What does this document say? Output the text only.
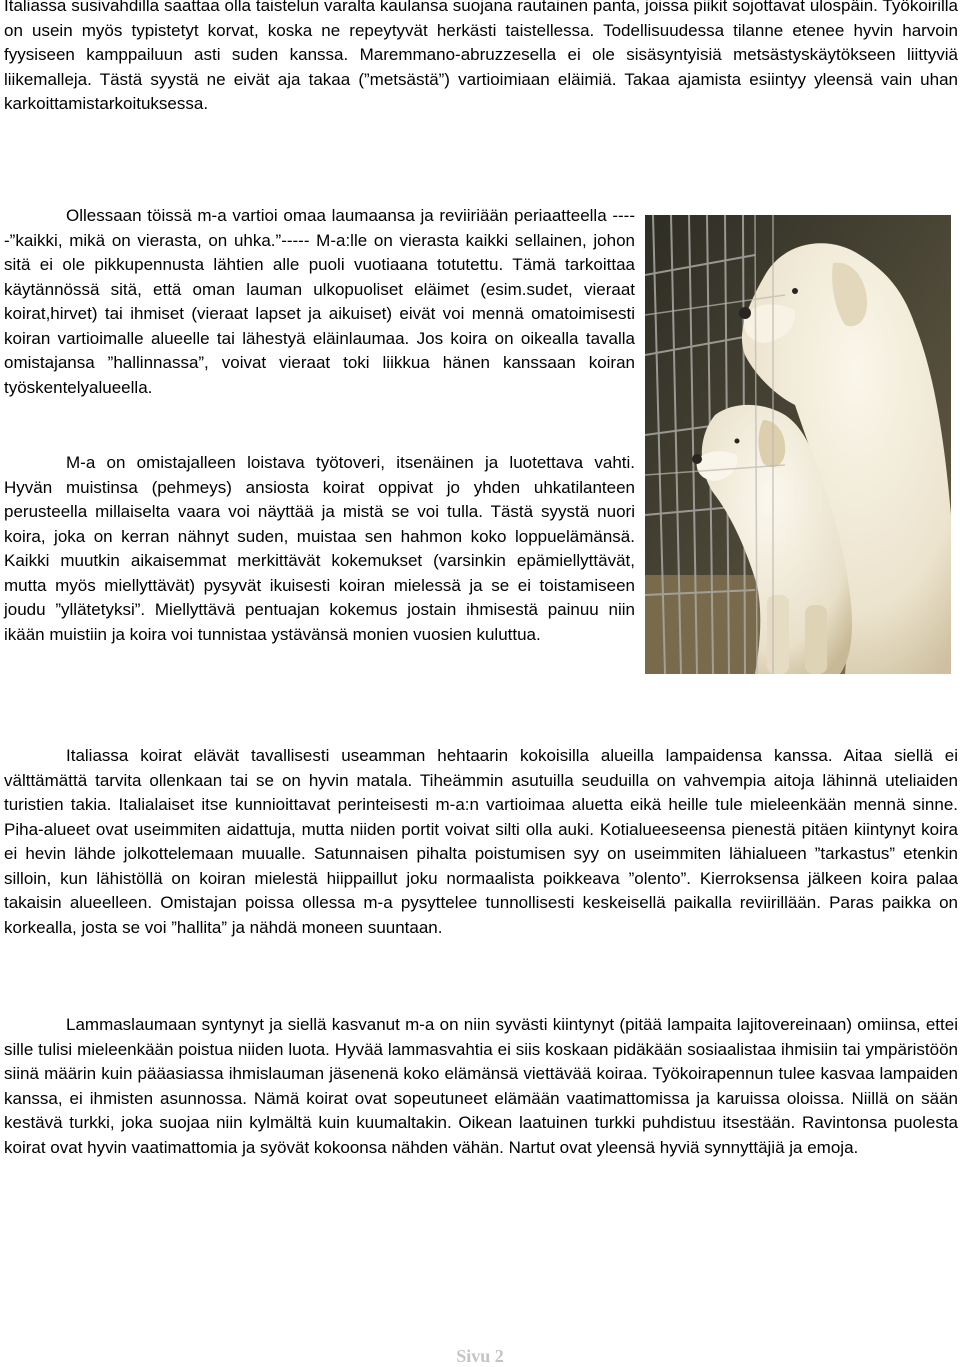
Italiassa susivahdilla saattaa olla taistelun varalta kaulansa suojana rautainen panta, joissa piikit sojottavat ulospäin. Työkoirilla on usein myös typistetyt korvat, koska ne repeytyvät herkästi taistellessa. Todellisuudessa tilanne etenee hyvin harvoin fyysiseen kamppailuun asti suden kanssa. Maremmano-abruzzesella ei ole sisäsyntyisiä metsästyskäytökseen liittyviä liikemalleja. Tästä syystä ne eivät aja takaa (”metsästä”) vartioimiaan eläimiä. Takaa ajamista esiintyy yleensä vain uhan karkoittamistarkoituksessa.

Ollessaan töissä m-a vartioi omaa laumaansa ja reviiriään periaatteella -----”kaikki, mikä on vierasta, on uhka.”----- M-a:lle on vierasta kaikki sellainen, johon sitä ei ole pikkupennusta lähtien alle puoli vuotiaana totutettu. Tämä tarkoittaa käytännössä sitä, että oman lauman ulkopuoliset eläimet (esim.sudet, vieraat koirat,hirvet) tai ihmiset (vieraat lapset ja aikuiset) eivät voi mennä omatoimisesti koiran vartioimalle alueelle tai lähestyä eläinlaumaa. Jos koira on oikealla tavalla omistajansa ”hallinnassa”, voivat vieraat toki liikkua hänen kanssaan koiran työskentelyalueella.

M-a on omistajalleen loistava työtoveri, itsenäinen ja luotettava vahti. Hyvän muistinsa (pehmeys) ansiosta koirat oppivat jo yhden uhkatilanteen perusteella millaiselta vaara voi näyttää ja mistä se voi tulla. Tästä syystä nuori koira, joka on kerran nähnyt suden, muistaa sen hahmon koko loppuelämänsä. Kaikki muutkin aikaisemmat merkittävät kokemukset (varsinkin epämiellyttävät, mutta myös miellyttävät) pysyvät ikuisesti koiran mielessä ja se ei toistamiseen joudu ”yllätetyksi”. Miellyttävä pentuajan kokemus jostain ihmisestä painuu niin ikään muistiin ja koira voi tunnistaa ystävänsä monien vuosien kuluttua.

Italiassa koirat elävät tavallisesti useamman hehtaarin kokoisilla alueilla lampaidensa kanssa. Aitaa siellä ei välttämättä tarvita ollenkaan tai se on hyvin matala. Tiheämmin asutuilla seuduilla on vahvempia aitoja lähinnä uteliaiden turistien takia. Italialaiset itse kunnioittavat perinteisesti m-a:n vartioimaa aluetta eikä heille tule mieleenkään mennä sinne. Piha-alueet ovat useimmiten aidattuja, mutta niiden portit voivat silti olla auki. Kotialueeseensa pienestä pitäen kiintynyt koira ei hevin lähde jolkottelemaan muualle. Satunnaisen pihalta poistumisen syy on useimmiten lähialueen ”tarkastus” etenkin silloin, kun lähistöllä on koiran mielestä hiippaillut joku normaalista poikkeava ”olento”. Kierroksensa jälkeen koira palaa takaisin alueelleen. Omistajan poissa ollessa m-a pysyttelee tunnollisesti keskeisellä paikalla reviirillään. Paras paikka on korkealla, josta se voi ”hallita” ja nähdä moneen suuntaan.

Lammaslaumaan syntynyt ja siellä kasvanut m-a on niin syvästi kiintynyt (pitää lampaita lajitovereinaan) omiinsa, ettei sille tulisi mieleenkään poistua niiden luota. Hyvää lammasvahtia ei siis koskaan pidäkään sosiaalistaa ihmisiin tai ympäristöön siinä määrin kuin pääasiassa ihmislauman jäsenenä koko elämänsä viettävää koiraa. Työkoirapennun tulee kasvaa lampaiden kanssa, ei ihmisten asunnossa. Nämä koirat ovat sopeutuneet elämään vaatimattomissa ja karuissa oloissa. Niillä on sään kestävä turkki, joka suojaa niin kylmältä kuin kuumaltakin. Oikean laatuinen turkki puhdistuu itsestään. Ravintonsa puolesta koirat ovat hyvin vaatimattomia ja syövät kokoonsa nähden vähän. Nartut ovat yleensä hyviä synnyttäjiä ja emoja.

Sivu 2
